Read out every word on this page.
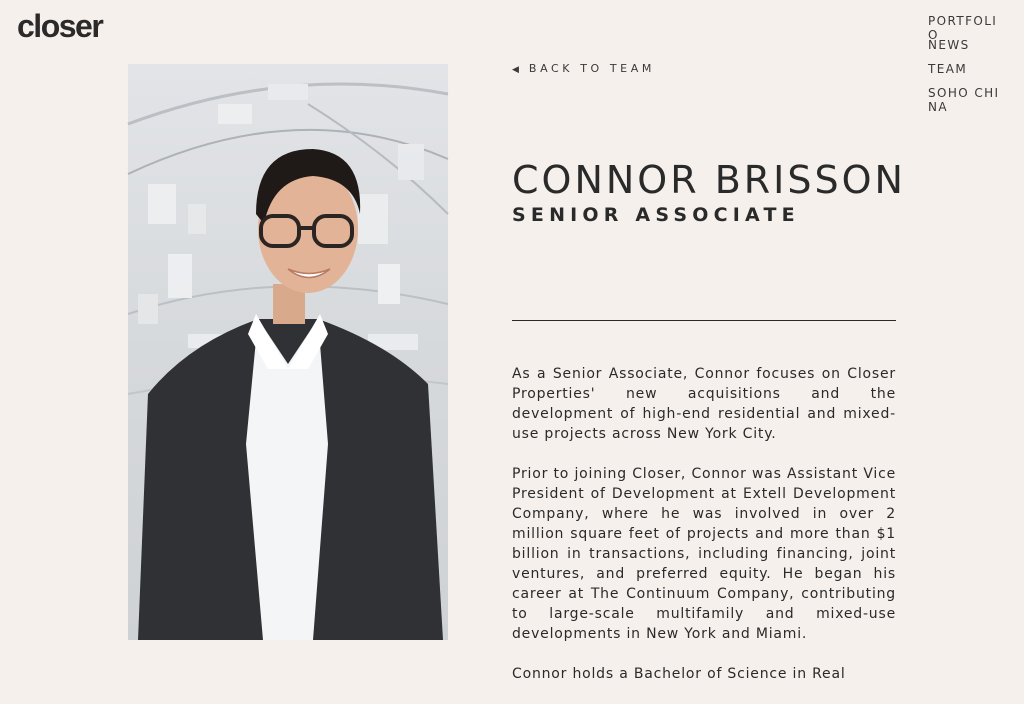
closer	PORTFOLIO
NEWS
TEAM
SOHO CHINA
◀ BACK TO TEAM
CONNOR BRISSON
SENIOR ASSOCIATE

As a Senior Associate, Connor focuses on Closer Properties' new acquisitions and the development of high-end residential and mixed-use projects across New York City.

Prior to joining Closer, Connor was Assistant Vice President of Development at Extell Development Company, where he was involved in over 2 million square feet of projects and more than $1 billion in transactions, including financing, joint ventures, and preferred equity. He began his career at The Continuum Company, contributing to large-scale multifamily and mixed-use developments in New York and Miami.

Connor holds a Bachelor of Science in Real
